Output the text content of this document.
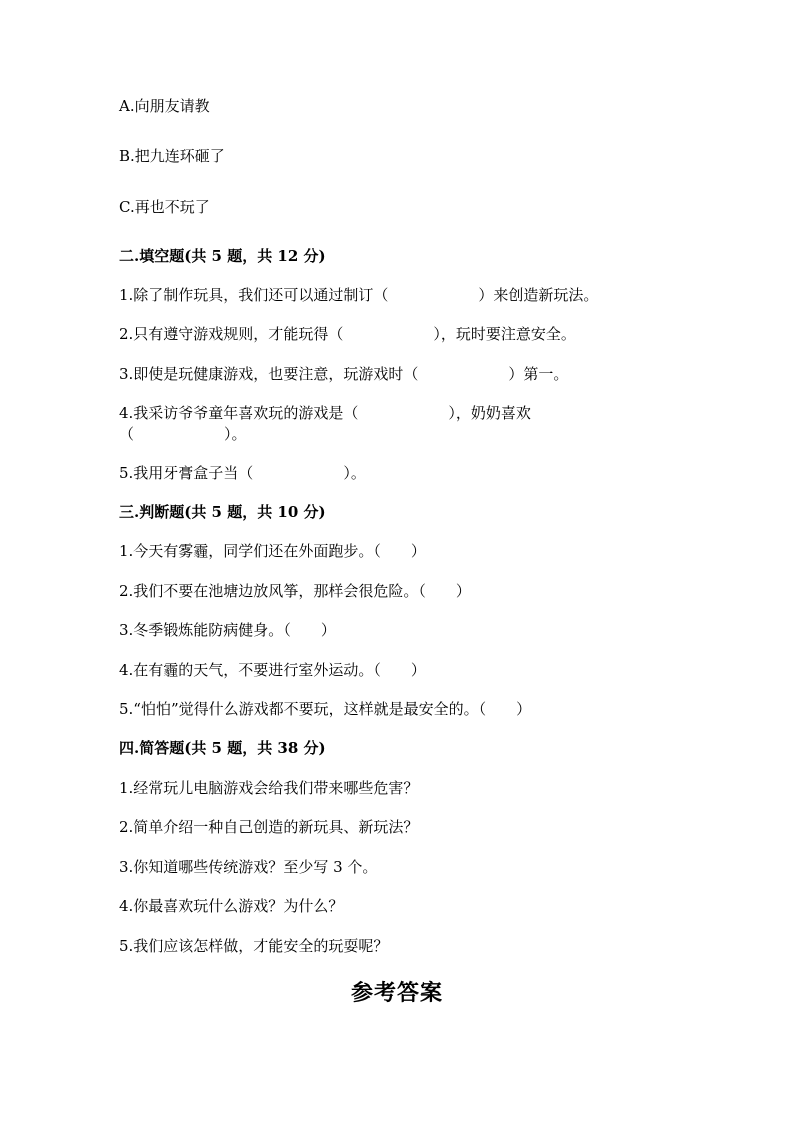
A.向朋友请教
B.把九连环砸了
C.再也不玩了
二.填空题(共 5 题，共 12 分)
1.除了制作玩具，我们还可以通过制订（　　　　　　）来创造新玩法。
2.只有遵守游戏规则，才能玩得（　　　　　　），玩时要注意安全。
3.即使是玩健康游戏，也要注意，玩游戏时（　　　　　　）第一。
4.我采访爷爷童年喜欢玩的游戏是（　　　　　　），奶奶喜欢
（　　　　　　）。
5.我用牙膏盒子当（　　　　　　）。
三.判断题(共 5 题，共 10 分)
1.今天有雾霾，同学们还在外面跑步。（　　）
2.我们不要在池塘边放风筝，那样会很危险。（　　）
3.冬季锻炼能防病健身。（　　）
4.在有霾的天气，不要进行室外运动。（　　）
5.“怕怕”觉得什么游戏都不要玩，这样就是最安全的。（　　）
四.简答题(共 5 题，共 38 分)
1.经常玩儿电脑游戏会给我们带来哪些危害？
2.简单介绍一种自己创造的新玩具、新玩法？
3.你知道哪些传统游戏？至少写 3 个。
4.你最喜欢玩什么游戏？为什么？
5.我们应该怎样做，才能安全的玩耍呢？
参考答案
